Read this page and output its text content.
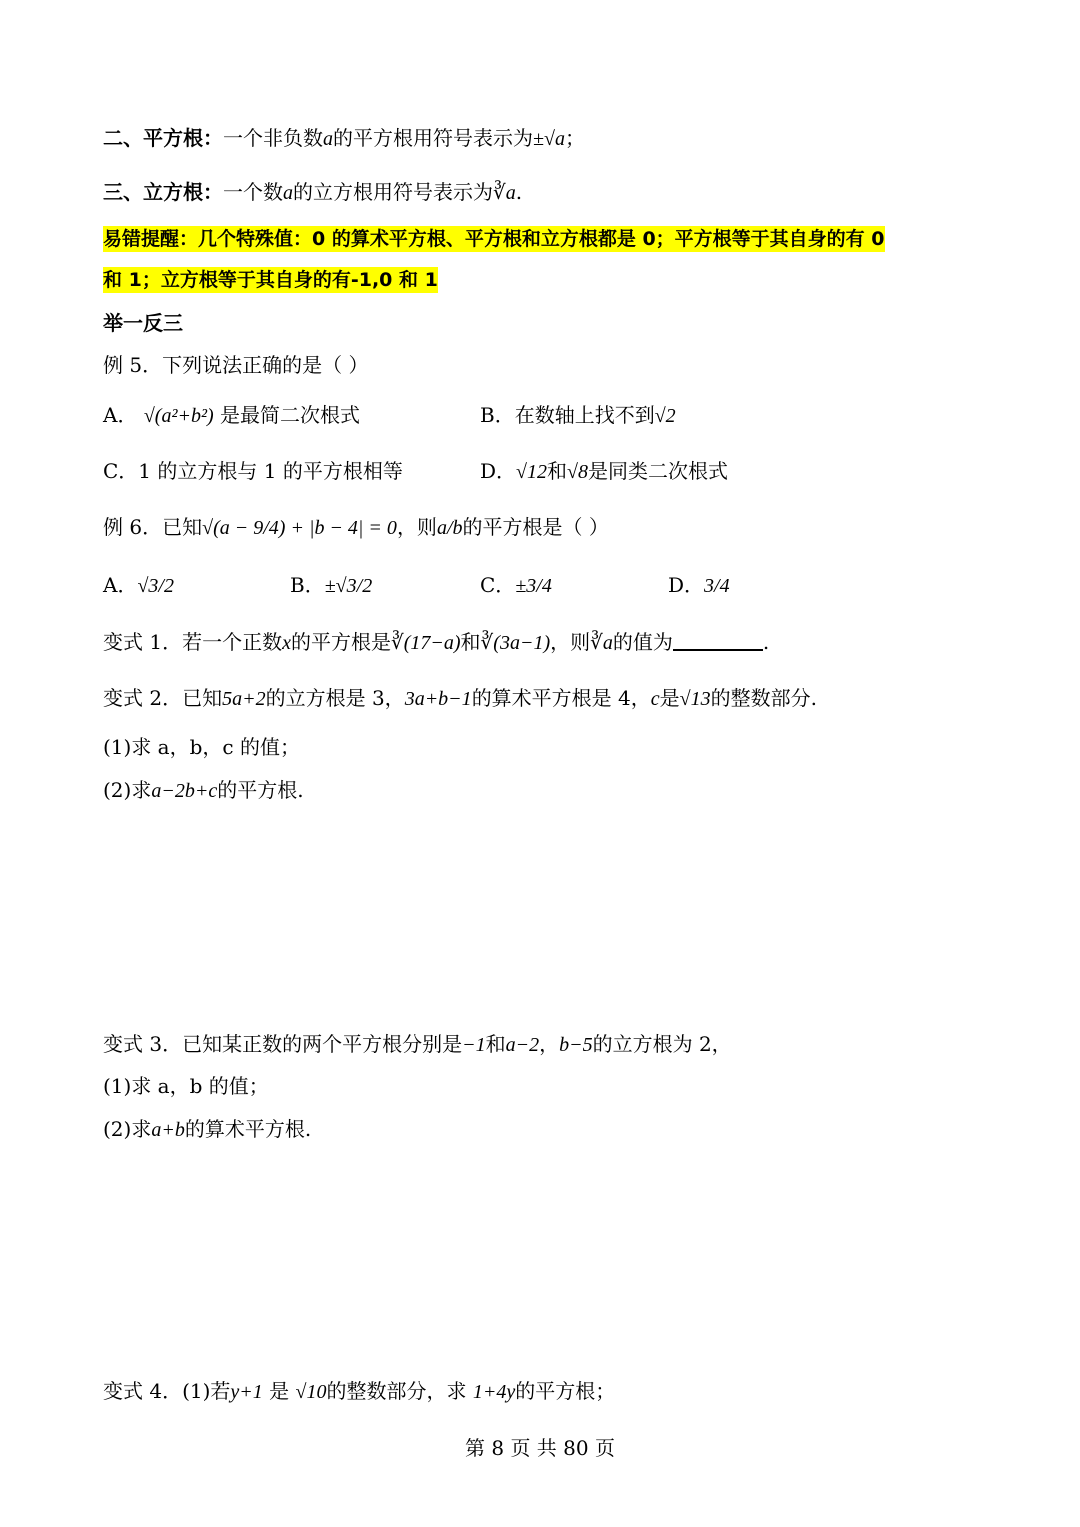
二、平方根：一个非负数a的平方根用符号表示为±√a；
三、立方根：一个数a的立方根用符号表示为∛a.
易错提醒：几个特殊值：0 的算术平方根、平方根和立方根都是 0；平方根等于其自身的有 0
和 1；立方根等于其自身的有-1,0 和 1
举一反三
例 5．下列说法正确的是（ ）
A． √(a²+b²) 是最简二次根式	B．在数轴上找不到√2
C．1 的立方根与 1 的平方根相等	D．√12和√8是同类二次根式
例 6．已知√(a − 9/4) + |b − 4| = 0，则a/b的平方根是（ ）
A．√3/2	B．±√3/2	C．±3/4	D．3/4
变式 1．若一个正数x的平方根是∛(17−a)和∛(3a−1)，则∛a的值为	.
变式 2．已知5a+2的立方根是 3，3a+b−1的算术平方根是 4，c是√13的整数部分.
(1)求 a，b，c 的值；
(2)求a−2b+c的平方根.
变式 3．已知某正数的两个平方根分别是−1和a−2，b−5的立方根为 2，
(1)求 a，b 的值；
(2)求a+b的算术平方根.
变式 4．(1)若y+1 是 √10的整数部分，求 1+4y的平方根；
第 8 页 共 80 页
